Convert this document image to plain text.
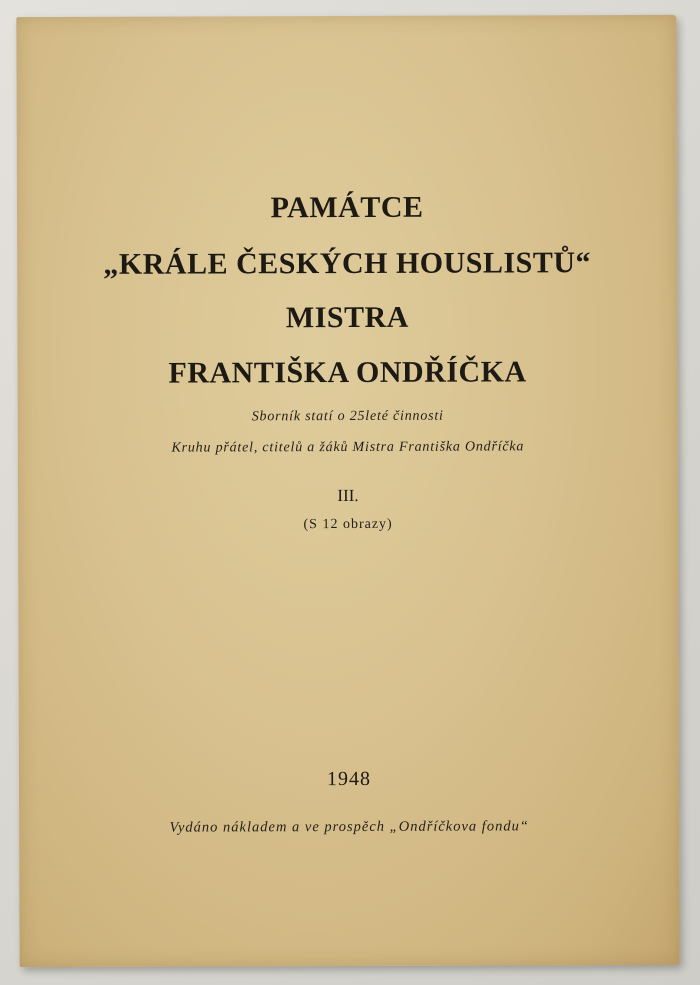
PAMÁTCE
„KRÁLE ČESKÝCH HOUSLISTŮ“
MISTRA
FRANTIŠKA ONDŘÍČKA

Sborník statí o 25leté činnosti

Kruhu přátel, ctitelů a žáků Mistra Františka Ondříčka

III.

(S 12 obrazy)

1948

Vydáno nákladem a ve prospěch „Ondříčkova fondu“
